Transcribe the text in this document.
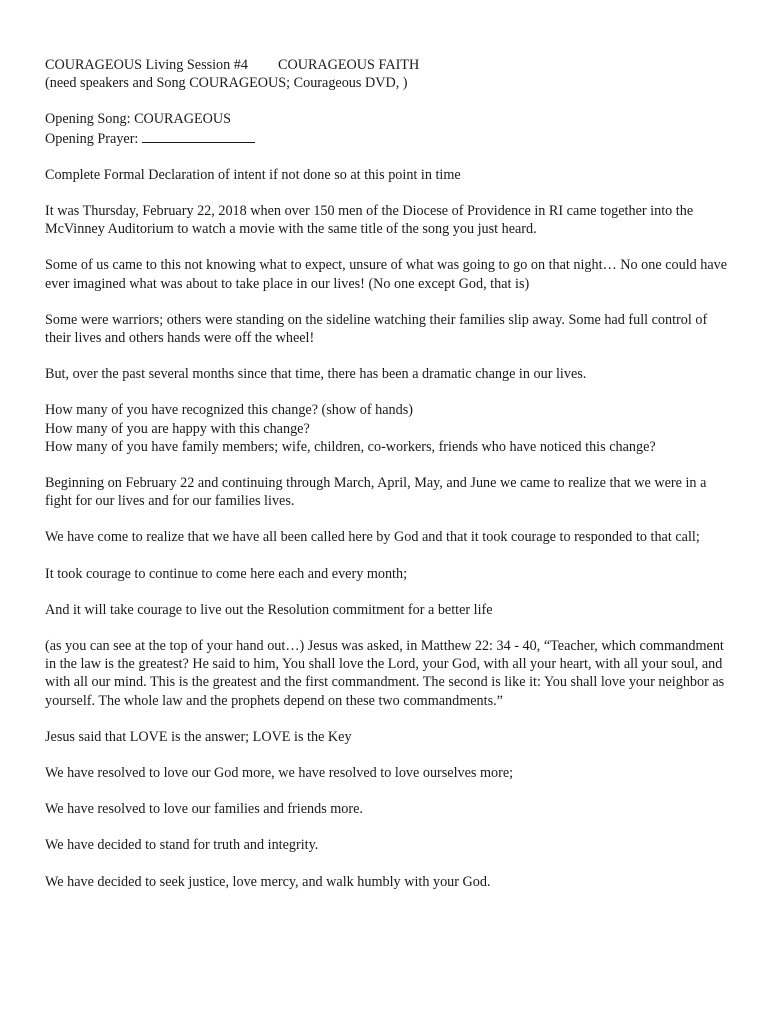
COURAGEOUS Living Session #4 COURAGEOUS FAITH
(need speakers and Song COURAGEOUS; Courageous DVD, )

Opening Song: COURAGEOUS
Opening Prayer:

Complete Formal Declaration of intent if not done so at this point in time

It was Thursday, February 22, 2018 when over 150 men of the Diocese of Providence in RI came together into the McVinney Auditorium to watch a movie with the same title of the song you just heard.

Some of us came to this not knowing what to expect, unsure of what was going to go on that night… No one could have ever imagined what was about to take place in our lives! (No one except God, that is)

Some were warriors; others were standing on the sideline watching their families slip away. Some had full control of their lives and others hands were off the wheel!

But, over the past several months since that time, there has been a dramatic change in our lives.

How many of you have recognized this change? (show of hands)
How many of you are happy with this change?
How many of you have family members; wife, children, co-workers, friends who have noticed this change?

Beginning on February 22 and continuing through March, April, May, and June we came to realize that we were in a fight for our lives and for our families lives.

We have come to realize that we have all been called here by God and that it took courage to responded to that call;

It took courage to continue to come here each and every month;

And it will take courage to live out the Resolution commitment for a better life

(as you can see at the top of your hand out…) Jesus was asked, in Matthew 22: 34 - 40, “Teacher, which commandment in the law is the greatest? He said to him, You shall love the Lord, your God, with all your heart, with all your soul, and with all our mind. This is the greatest and the first commandment. The second is like it: You shall love your neighbor as yourself. The whole law and the prophets depend on these two commandments.”

Jesus said that LOVE is the answer; LOVE is the Key

We have resolved to love our God more, we have resolved to love ourselves more;

We have resolved to love our families and friends more.

We have decided to stand for truth and integrity.

We have decided to seek justice, love mercy, and walk humbly with your God.
